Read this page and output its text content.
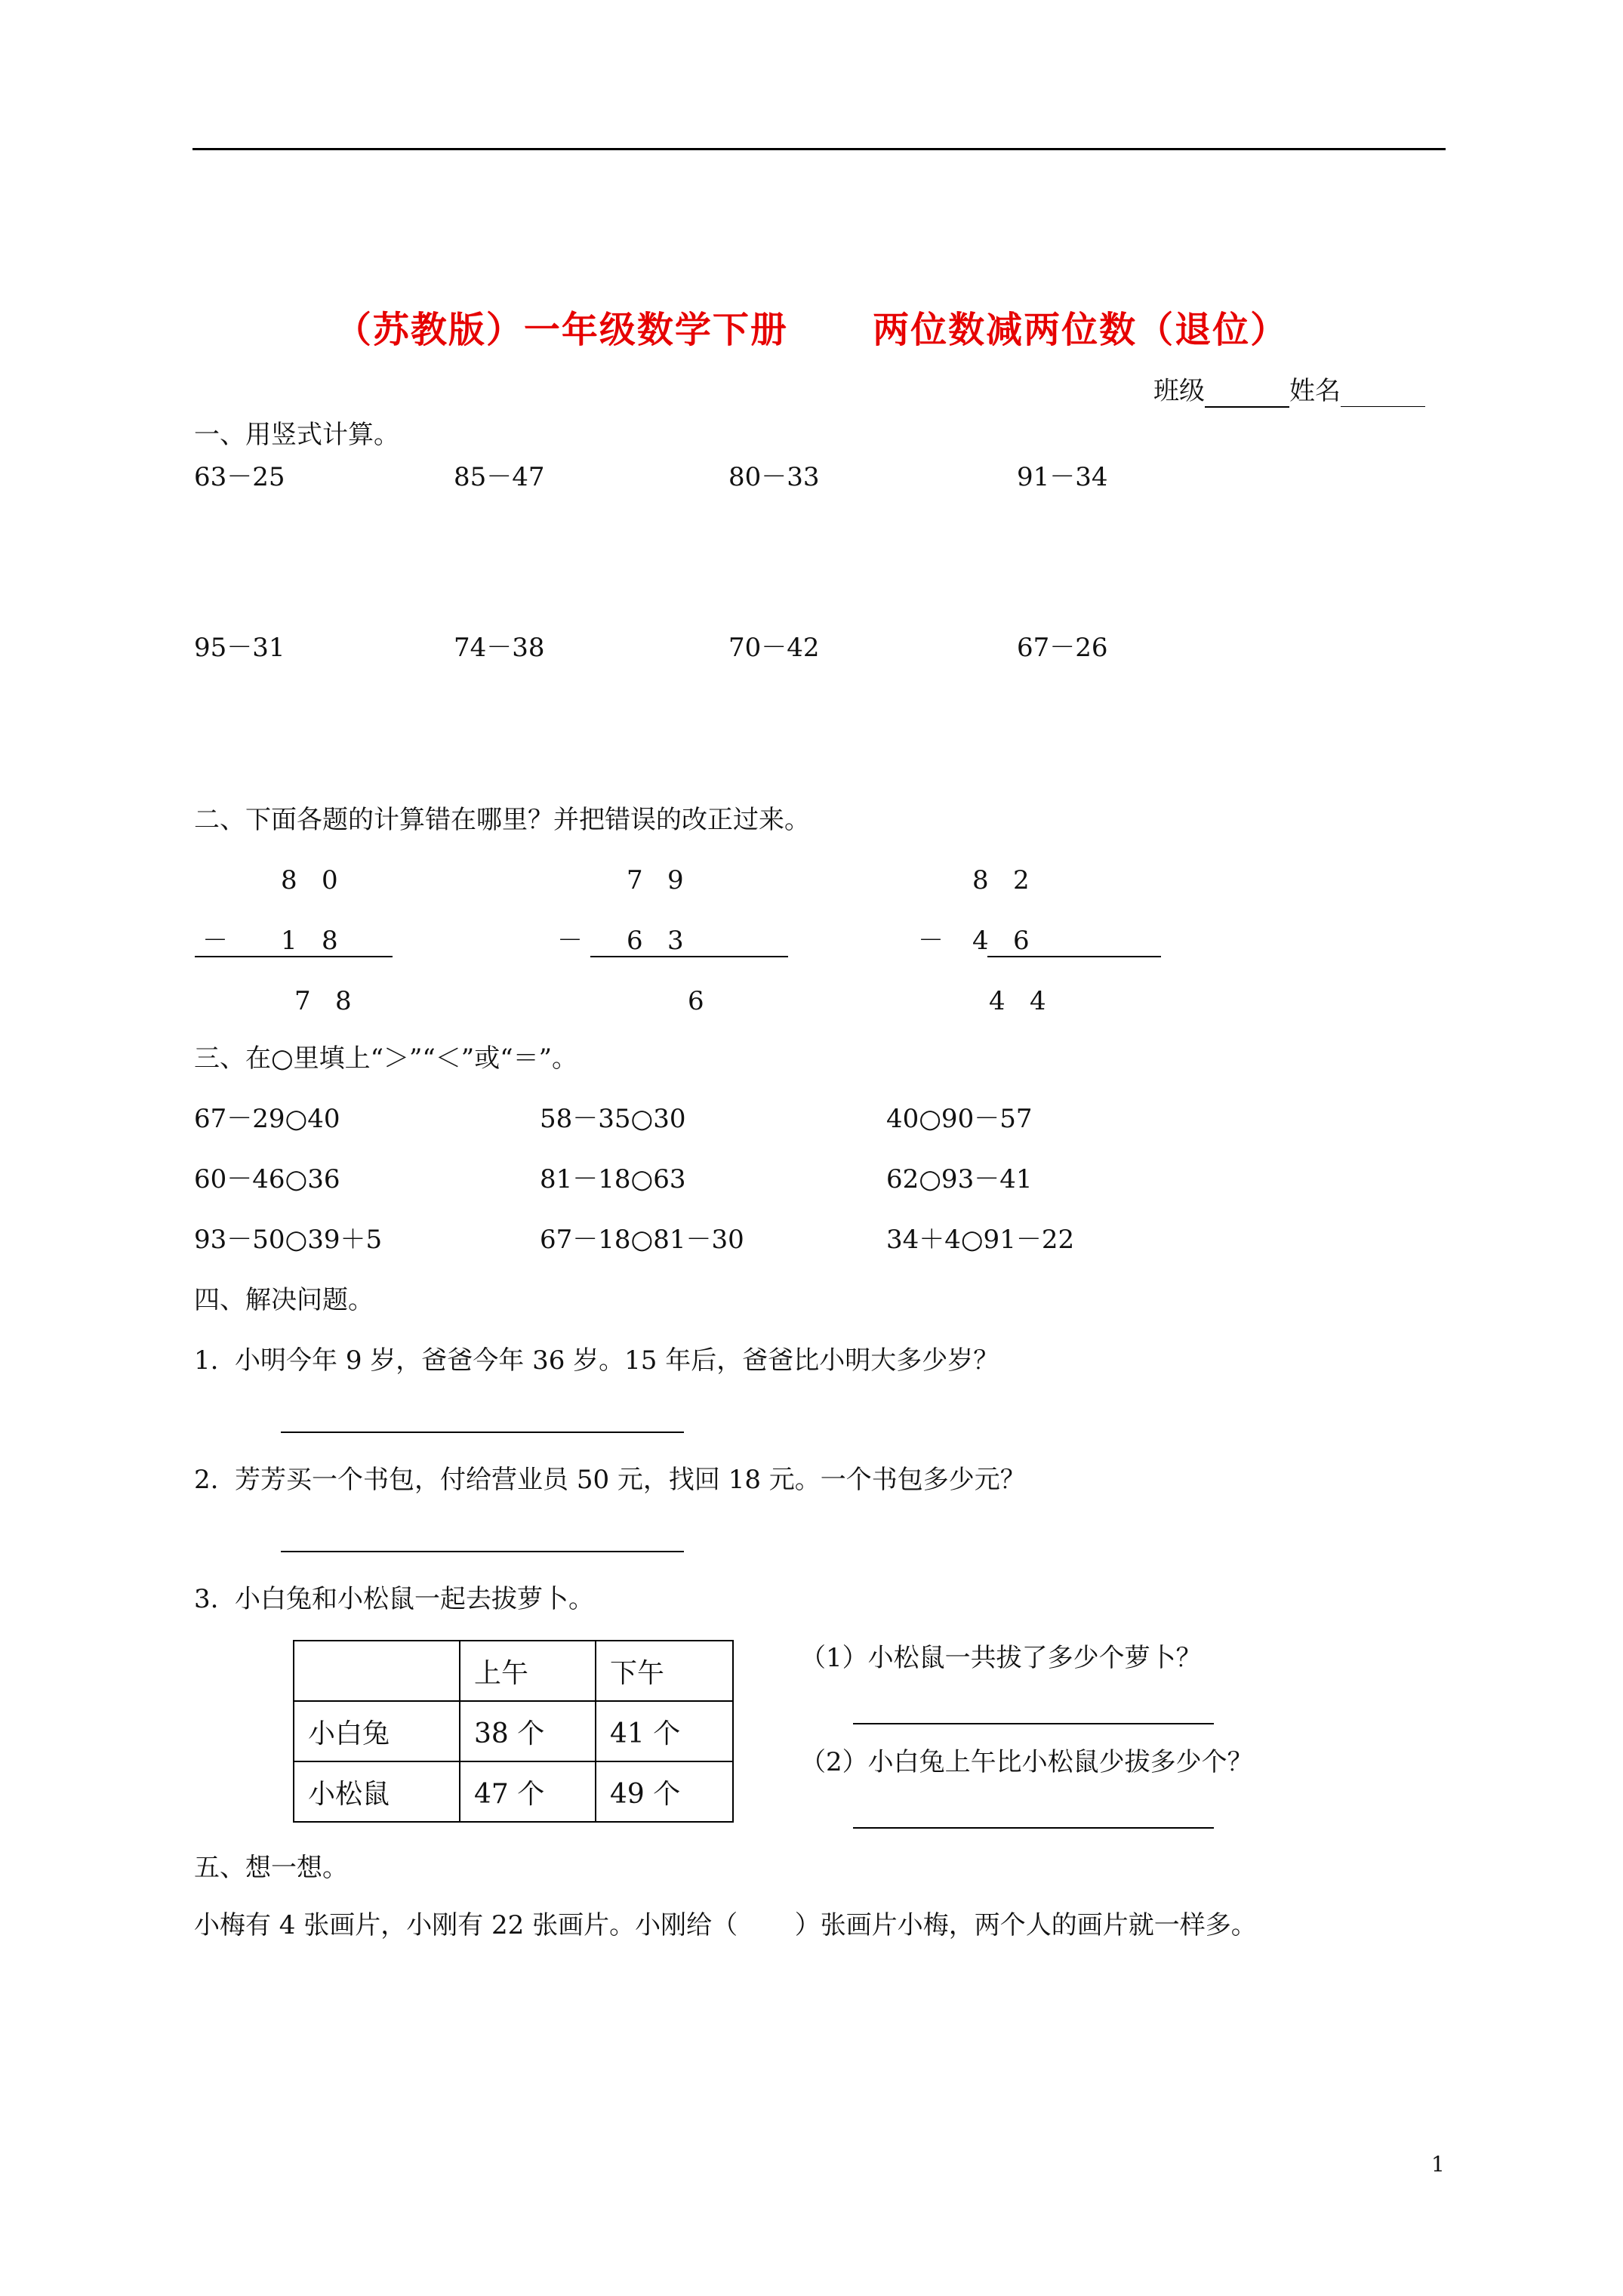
（苏教版）一年级数学下册      两位数减两位数（退位）
班级	姓名
一、用竖式计算。
63－25	85－47	80－33	91－34
95－31	74－38	70－42	67－26
二、下面各题的计算错在哪里？并把错误的改正过来。
8   0
－ 1   8
7   8
7   9
－ 6   3
6
8   2
－ 4   6
4   4
三、在○里填上“＞”“＜”或“＝”。
67－29○40	58－35○30	40○90－57
60－46○36	81－18○63	62○93－41
93－50○39＋5	67－18○81－30	34＋4○91－22
四、解决问题。
1.  小明今年 9 岁，爸爸今年 36 岁。15 年后，爸爸比小明大多少岁？
2.  芳芳买一个书包，付给营业员 50 元，找回 18 元。一个书包多少元？
3.  小白兔和小松鼠一起去拔萝卜。
	上午	下午
小白兔	38 个	41 个
小松鼠	47 个	49 个
（1）小松鼠一共拔了多少个萝卜？
（2）小白兔上午比小松鼠少拔多少个？
五、想一想。
小梅有 4 张画片，小刚有 22 张画片。小刚给（       ）张画片小梅，两个人的画片就一样多。
1
